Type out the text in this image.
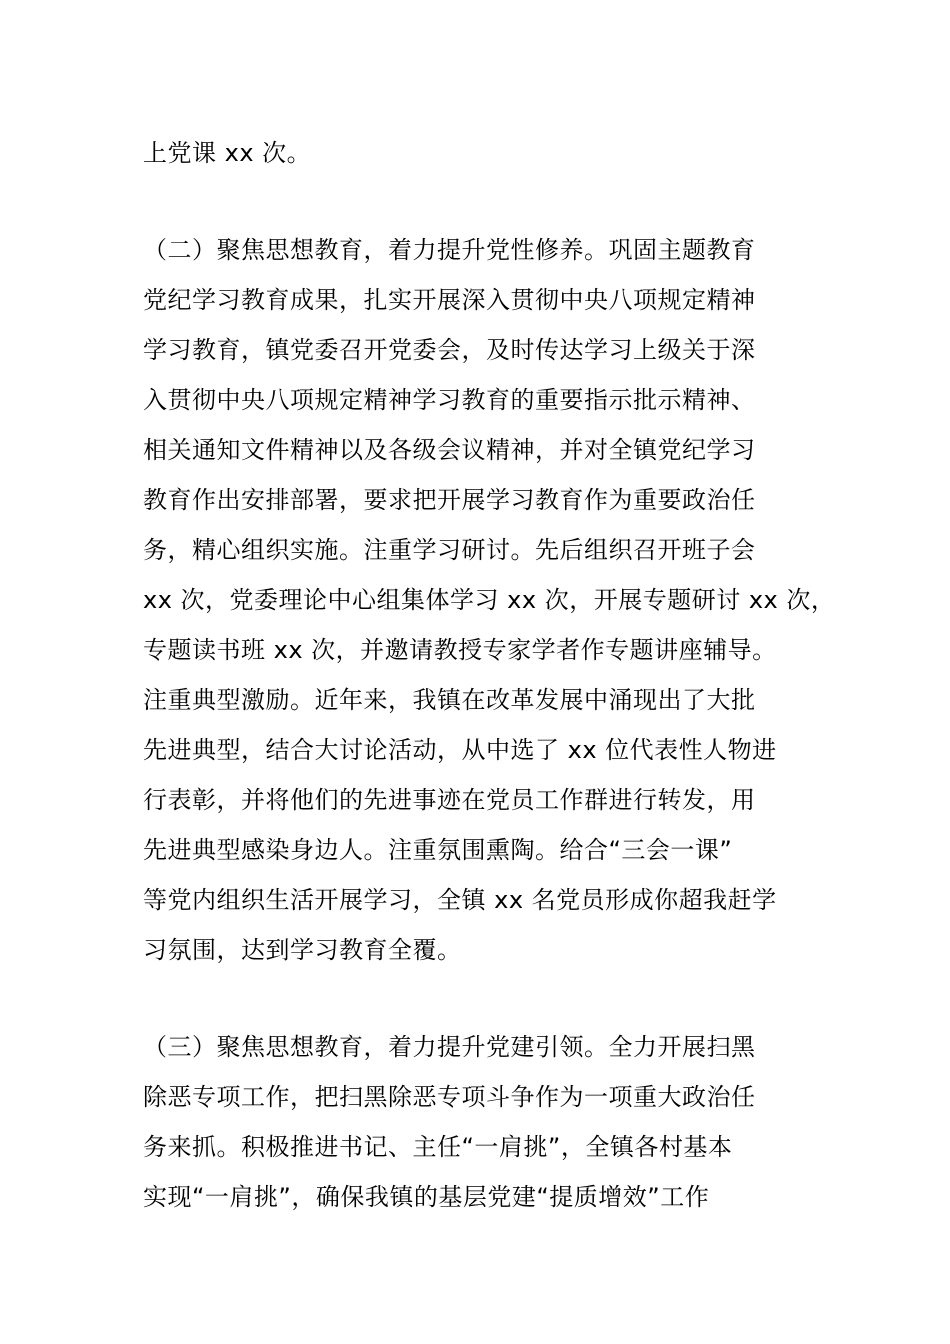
上党课 xx 次。
（二）聚焦思想教育，着力提升党性修养。巩固主题教育
党纪学习教育成果，扎实开展深入贯彻中央八项规定精神
学习教育，镇党委召开党委会，及时传达学习上级关于深
入贯彻中央八项规定精神学习教育的重要指示批示精神、
相关通知文件精神以及各级会议精神，并对全镇党纪学习
教育作出安排部署，要求把开展学习教育作为重要政治任
务，精心组织实施。注重学习研讨。先后组织召开班子会
xx 次，党委理论中心组集体学习 xx 次，开展专题研讨 xx 次，
专题读书班 xx 次，并邀请教授专家学者作专题讲座辅导。
注重典型激励。近年来，我镇在改革发展中涌现出了大批
先进典型，结合大讨论活动，从中选了 xx 位代表性人物进
行表彰，并将他们的先进事迹在党员工作群进行转发，用
先进典型感染身边人。注重氛围熏陶。给合“三会一课”
等党内组织生活开展学习，全镇 xx 名党员形成你超我赶学
习氛围，达到学习教育全覆。
（三）聚焦思想教育，着力提升党建引领。全力开展扫黑
除恶专项工作，把扫黑除恶专项斗争作为一项重大政治任
务来抓。积极推进书记、主任“一肩挑”，全镇各村基本
实现“一肩挑”，确保我镇的基层党建“提质增效”工作
